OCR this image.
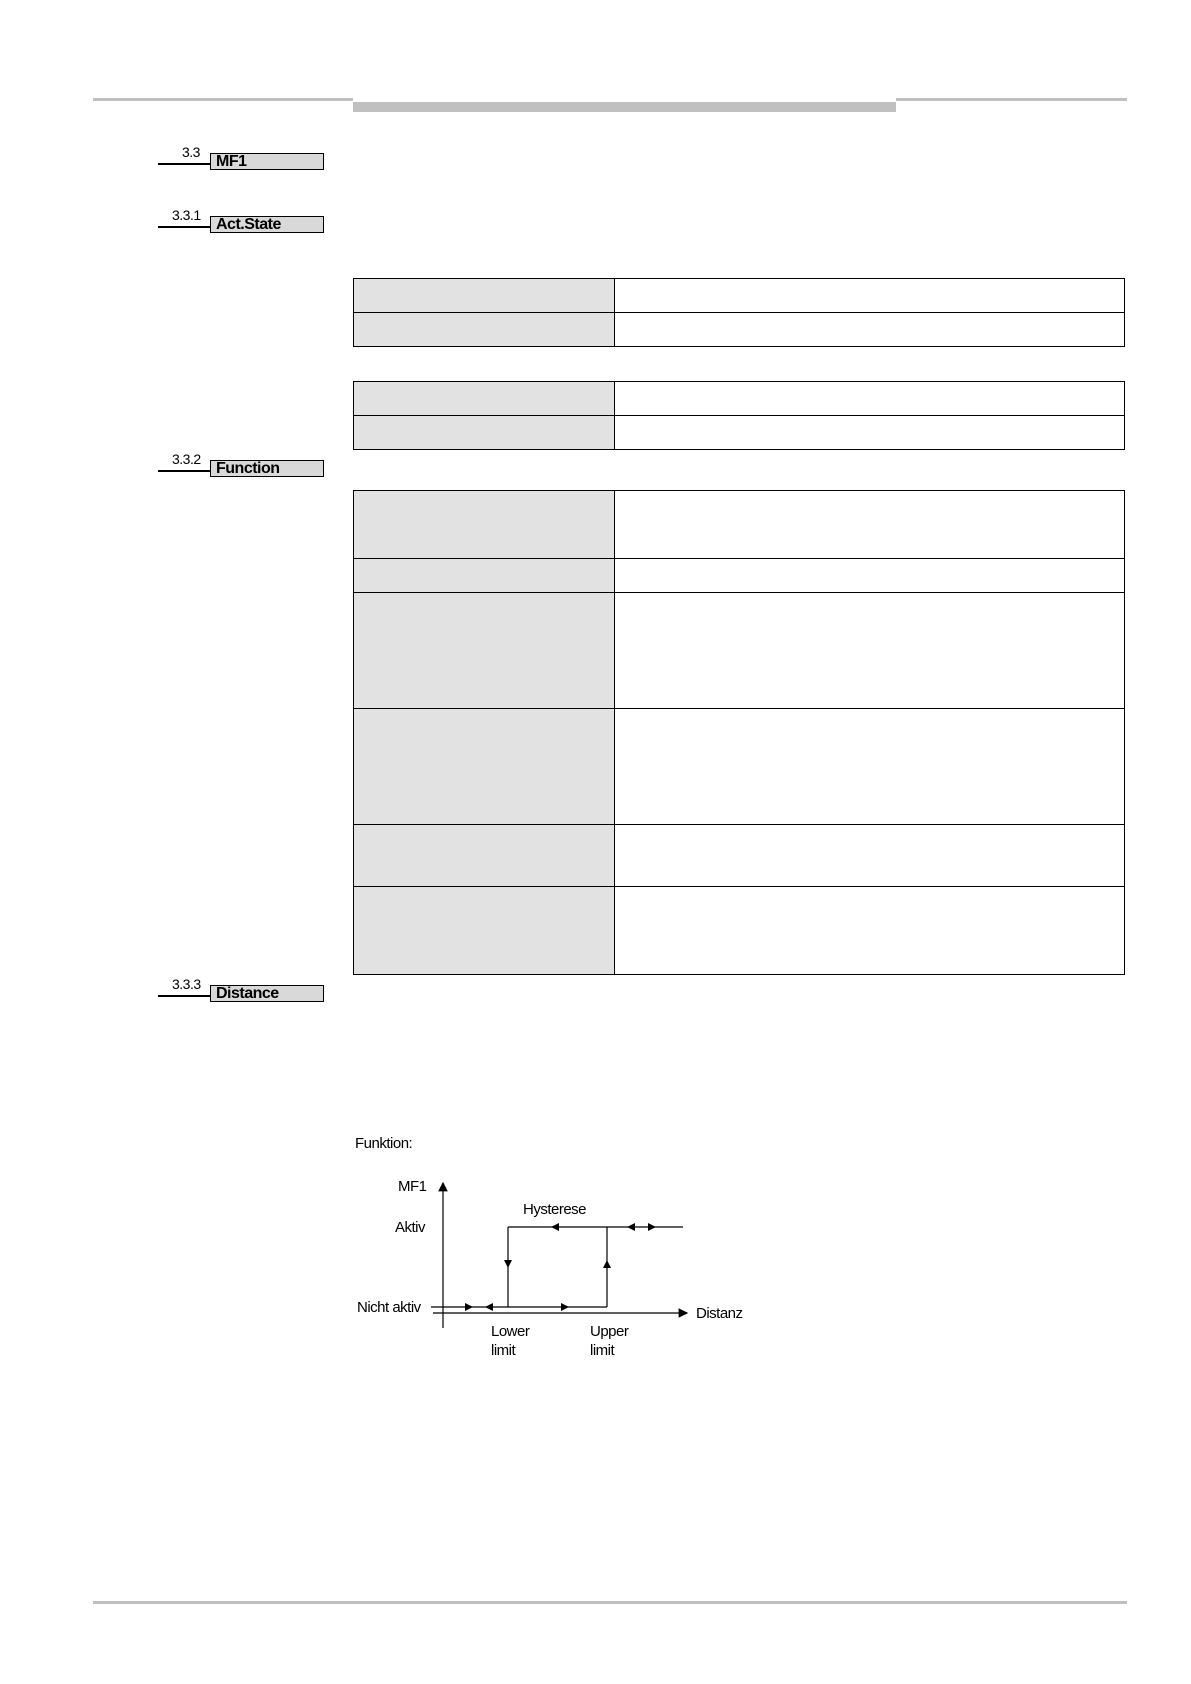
3.3
MF1
3.3.1
Act.State

3.3.2
Function

3.3.3
Distance
Funktion:
MF1
Distanz
Aktiv
Nicht aktiv
Hysterese
Lower
limit
Upper
limit
